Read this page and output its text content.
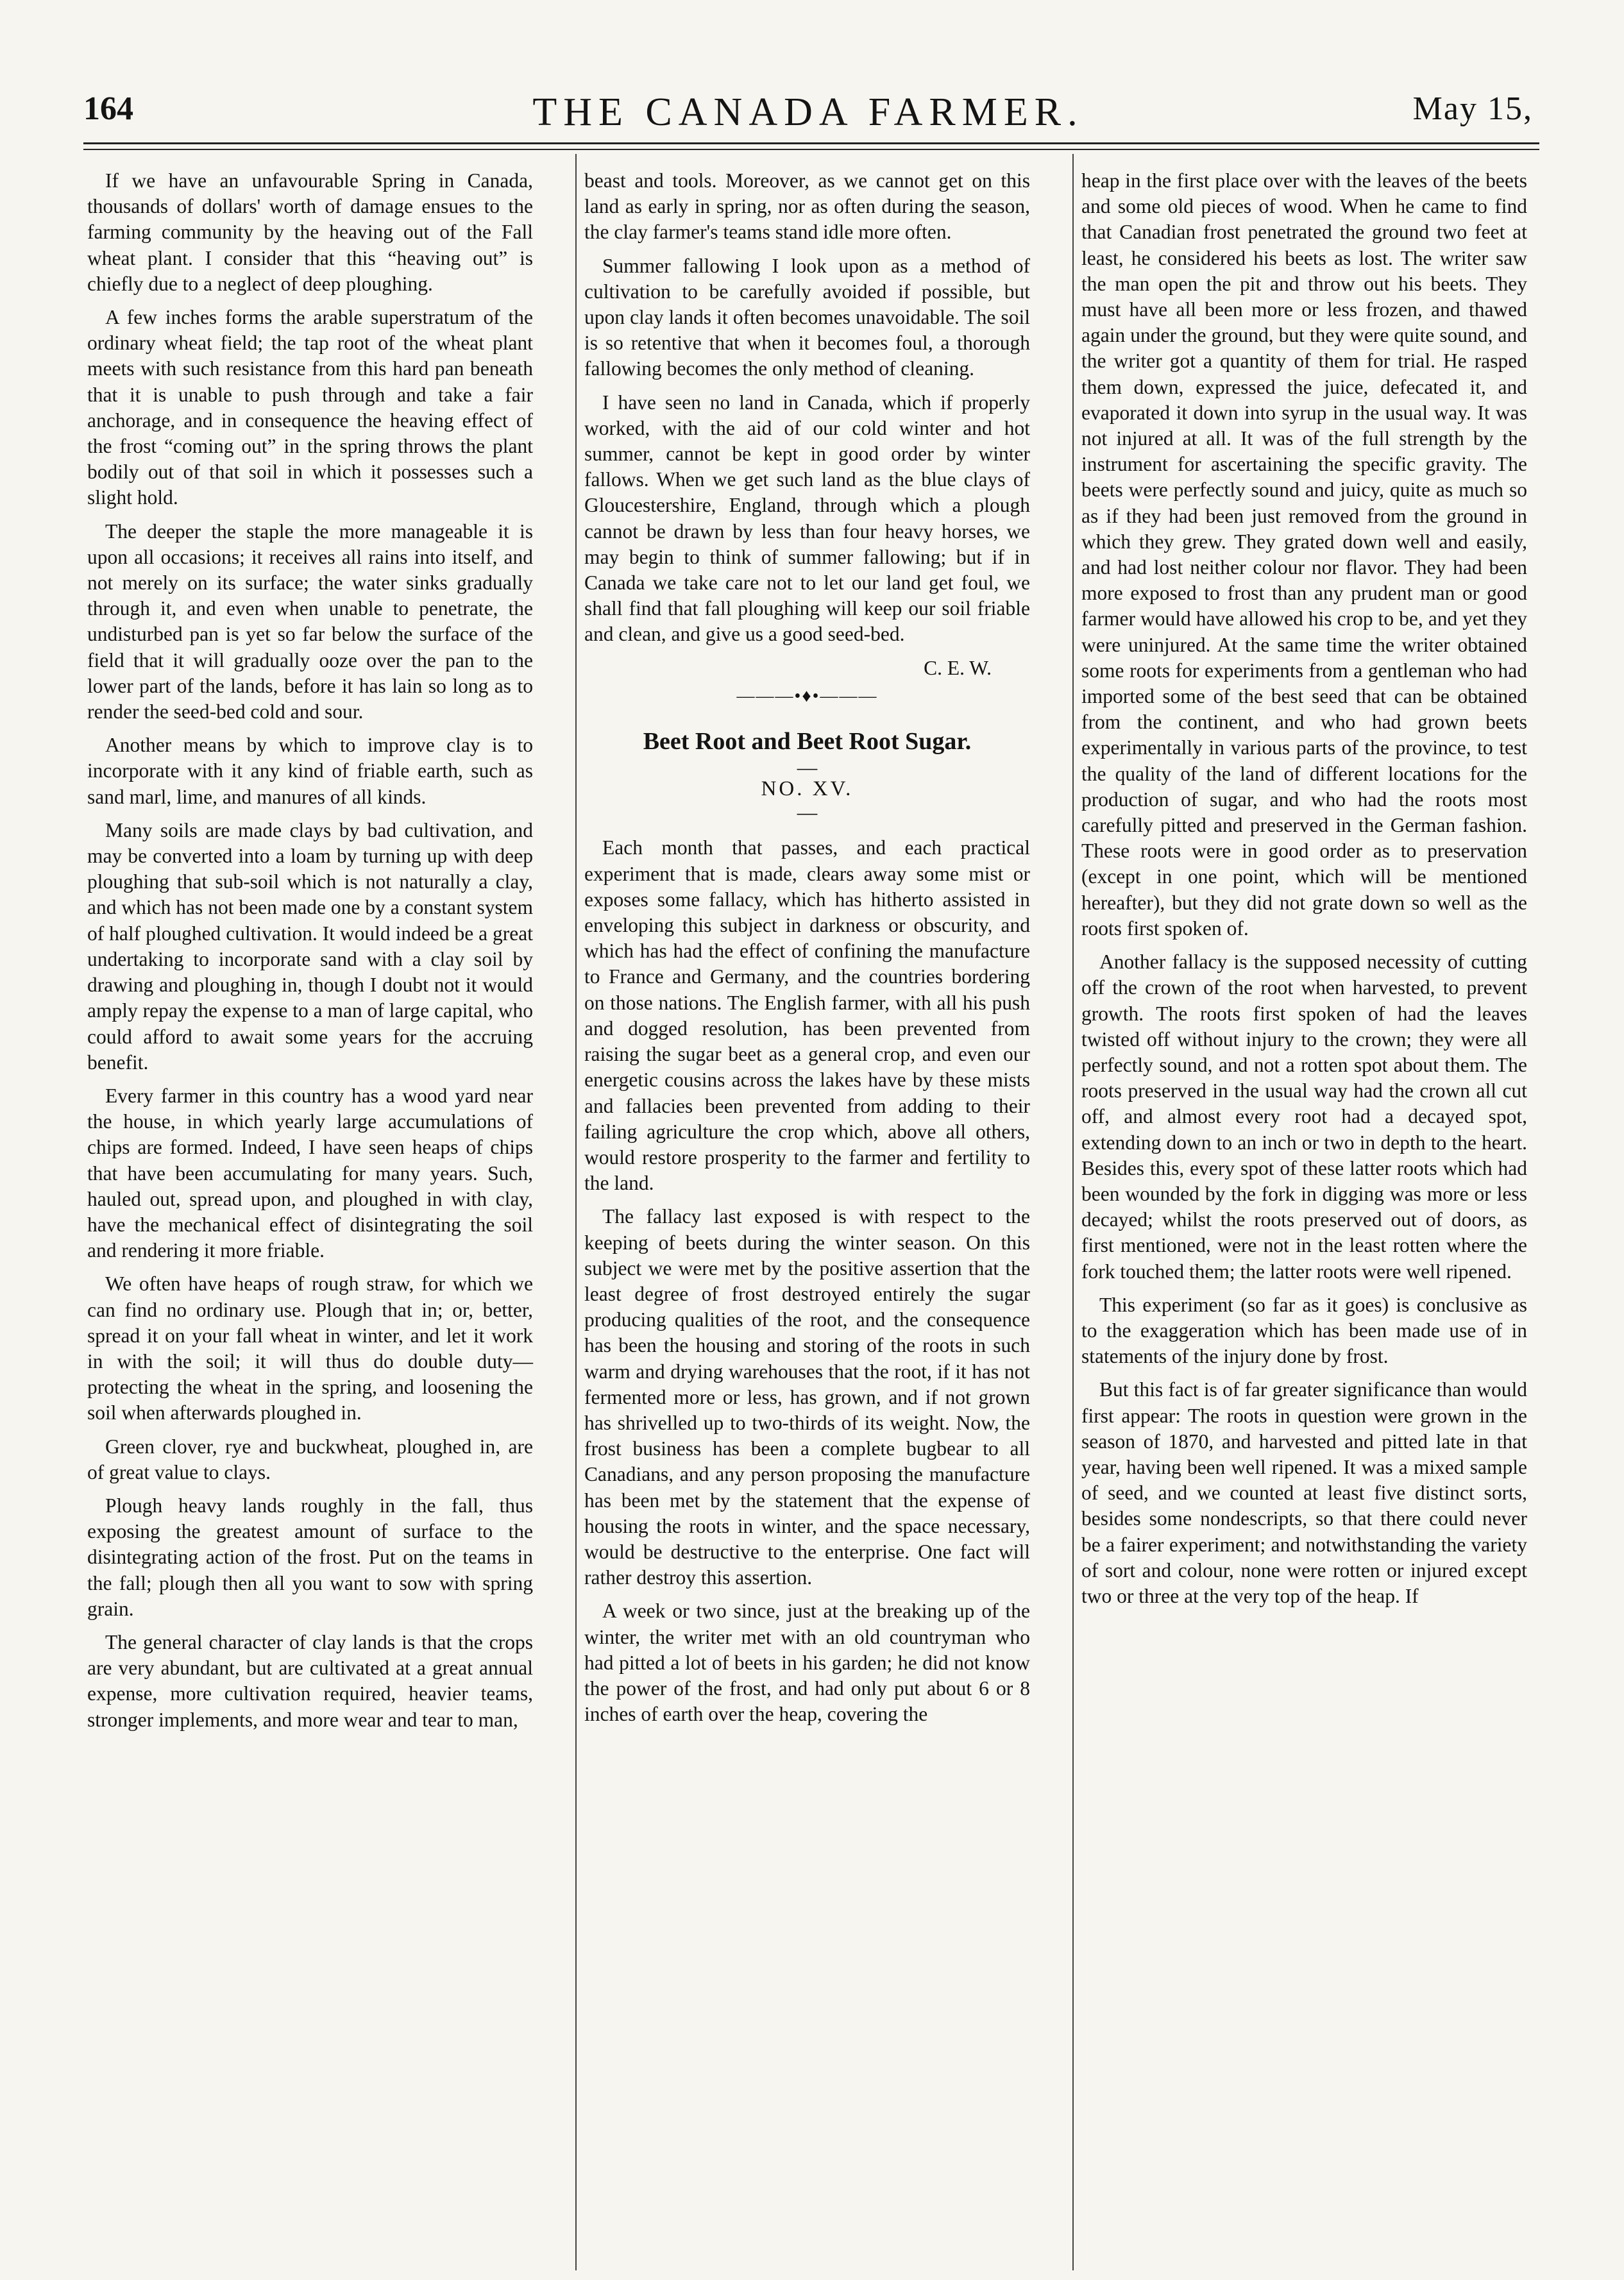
164	THE CANADA FARMER.	May 15,

If we have an unfavourable Spring in Canada, thousands of dollars' worth of damage ensues to the farming community by the heaving out of the Fall wheat plant. I consider that this “heaving out” is chiefly due to a neglect of deep ploughing.

A few inches forms the arable superstratum of the ordinary wheat field; the tap root of the wheat plant meets with such resistance from this hard pan beneath that it is unable to push through and take a fair anchorage, and in consequence the heaving effect of the frost “coming out” in the spring throws the plant bodily out of that soil in which it possesses such a slight hold.

The deeper the staple the more manageable it is upon all occasions; it receives all rains into itself, and not merely on its surface; the water sinks gradually through it, and even when unable to penetrate, the undisturbed pan is yet so far below the surface of the field that it will gradually ooze over the pan to the lower part of the lands, before it has lain so long as to render the seed-bed cold and sour.

Another means by which to improve clay is to incorporate with it any kind of friable earth, such as sand marl, lime, and manures of all kinds.

Many soils are made clays by bad cultivation, and may be converted into a loam by turning up with deep ploughing that sub-soil which is not naturally a clay, and which has not been made one by a constant system of half ploughed cultivation. It would indeed be a great undertaking to incorporate sand with a clay soil by drawing and ploughing in, though I doubt not it would amply repay the expense to a man of large capital, who could afford to await some years for the accruing benefit.

Every farmer in this country has a wood yard near the house, in which yearly large accumulations of chips are formed. Indeed, I have seen heaps of chips that have been accumulating for many years. Such, hauled out, spread upon, and ploughed in with clay, have the mechanical effect of disintegrating the soil and rendering it more friable.

We often have heaps of rough straw, for which we can find no ordinary use. Plough that in; or, better, spread it on your fall wheat in winter, and let it work in with the soil; it will thus do double duty—protecting the wheat in the spring, and loosening the soil when afterwards ploughed in.

Green clover, rye and buckwheat, ploughed in, are of great value to clays.

Plough heavy lands roughly in the fall, thus exposing the greatest amount of surface to the disintegrating action of the frost. Put on the teams in the fall; plough then all you want to sow with spring grain.

The general character of clay lands is that the crops are very abundant, but are cultivated at a great annual expense, more cultivation required, heavier teams, stronger implements, and more wear and tear to man,

beast and tools. Moreover, as we cannot get on this land as early in spring, nor as often during the season, the clay farmer's teams stand idle more often.

Summer fallowing I look upon as a method of cultivation to be carefully avoided if possible, but upon clay lands it often becomes unavoidable. The soil is so retentive that when it becomes foul, a thorough fallowing becomes the only method of cleaning.

I have seen no land in Canada, which if properly worked, with the aid of our cold winter and hot summer, cannot be kept in good order by winter fallows. When we get such land as the blue clays of Gloucestershire, England, through which a plough cannot be drawn by less than four heavy horses, we may begin to think of summer fallowing; but if in Canada we take care not to let our land get foul, we shall find that fall ploughing will keep our soil friable and clean, and give us a good seed-bed.

C. E. W.
———•♦•———
Beet Root and Beet Root Sugar.
—
NO. XV.
—

Each month that passes, and each practical experiment that is made, clears away some mist or exposes some fallacy, which has hitherto assisted in enveloping this subject in darkness or obscurity, and which has had the effect of confining the manufacture to France and Germany, and the countries bordering on those nations. The English farmer, with all his push and dogged resolution, has been prevented from raising the sugar beet as a general crop, and even our energetic cousins across the lakes have by these mists and fallacies been prevented from adding to their failing agriculture the crop which, above all others, would restore prosperity to the farmer and fertility to the land.

The fallacy last exposed is with respect to the keeping of beets during the winter season. On this subject we were met by the positive assertion that the least degree of frost destroyed entirely the sugar producing qualities of the root, and the consequence has been the housing and storing of the roots in such warm and drying warehouses that the root, if it has not fermented more or less, has grown, and if not grown has shrivelled up to two-thirds of its weight. Now, the frost business has been a complete bugbear to all Canadians, and any person proposing the manufacture has been met by the statement that the expense of housing the roots in winter, and the space necessary, would be destructive to the enterprise. One fact will rather destroy this assertion.

A week or two since, just at the breaking up of the winter, the writer met with an old countryman who had pitted a lot of beets in his garden; he did not know the power of the frost, and had only put about 6 or 8 inches of earth over the heap, covering the

heap in the first place over with the leaves of the beets and some old pieces of wood. When he came to find that Canadian frost penetrated the ground two feet at least, he considered his beets as lost. The writer saw the man open the pit and throw out his beets. They must have all been more or less frozen, and thawed again under the ground, but they were quite sound, and the writer got a quantity of them for trial. He rasped them down, expressed the juice, defecated it, and evaporated it down into syrup in the usual way. It was not injured at all. It was of the full strength by the instrument for ascertaining the specific gravity. The beets were perfectly sound and juicy, quite as much so as if they had been just removed from the ground in which they grew. They grated down well and easily, and had lost neither colour nor flavor. They had been more exposed to frost than any prudent man or good farmer would have allowed his crop to be, and yet they were uninjured. At the same time the writer obtained some roots for experiments from a gentleman who had imported some of the best seed that can be obtained from the continent, and who had grown beets experimentally in various parts of the province, to test the quality of the land of different locations for the production of sugar, and who had the roots most carefully pitted and preserved in the German fashion. These roots were in good order as to preservation (except in one point, which will be mentioned hereafter), but they did not grate down so well as the roots first spoken of.

Another fallacy is the supposed necessity of cutting off the crown of the root when harvested, to prevent growth. The roots first spoken of had the leaves twisted off without injury to the crown; they were all perfectly sound, and not a rotten spot about them. The roots preserved in the usual way had the crown all cut off, and almost every root had a decayed spot, extending down to an inch or two in depth to the heart. Besides this, every spot of these latter roots which had been wounded by the fork in digging was more or less decayed; whilst the roots preserved out of doors, as first mentioned, were not in the least rotten where the fork touched them; the latter roots were well ripened.

This experiment (so far as it goes) is conclusive as to the exaggeration which has been made use of in statements of the injury done by frost.

But this fact is of far greater significance than would first appear: The roots in question were grown in the season of 1870, and harvested and pitted late in that year, having been well ripened. It was a mixed sample of seed, and we counted at least five distinct sorts, besides some nondescripts, so that there could never be a fairer experiment; and notwithstanding the variety of sort and colour, none were rotten or injured except two or three at the very top of the heap. If
